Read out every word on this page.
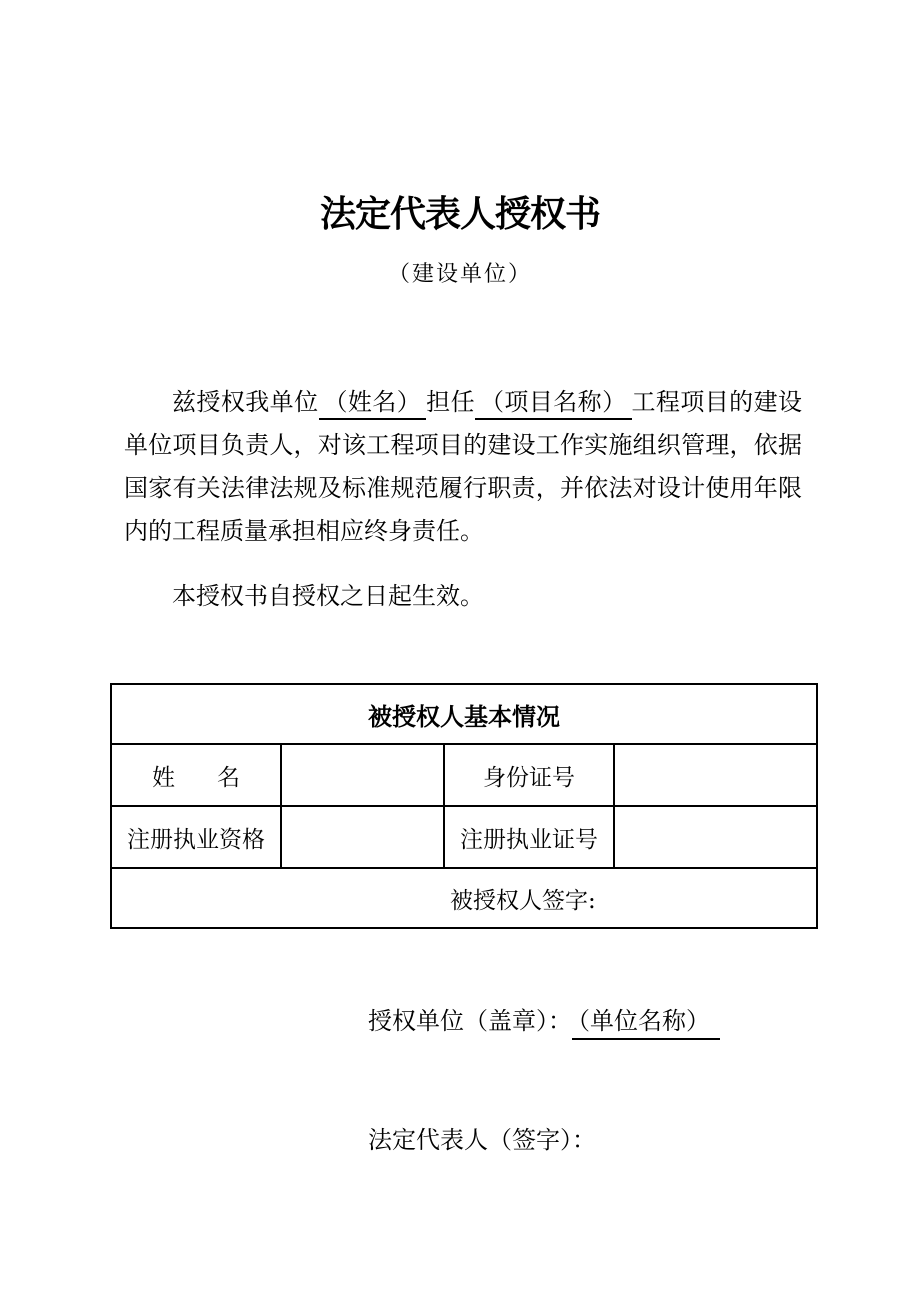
法定代表人授权书
（建设单位）

兹授权我单位 （姓名） 担任 （项目名称） 工程项目的建设单位项目负责人，对该工程项目的建设工作实施组织管理，依据国家有关法律法规及标准规范履行职责，并依法对设计使用年限内的工程质量承担相应终身责任。

本授权书自授权之日起生效。

被授权人基本情况			

姓 名		身份证号	
注册执业资格		注册执业证号	
被授权人签字:			
授权单位（盖章）： （单位名称）
法定代表人（签字）：
